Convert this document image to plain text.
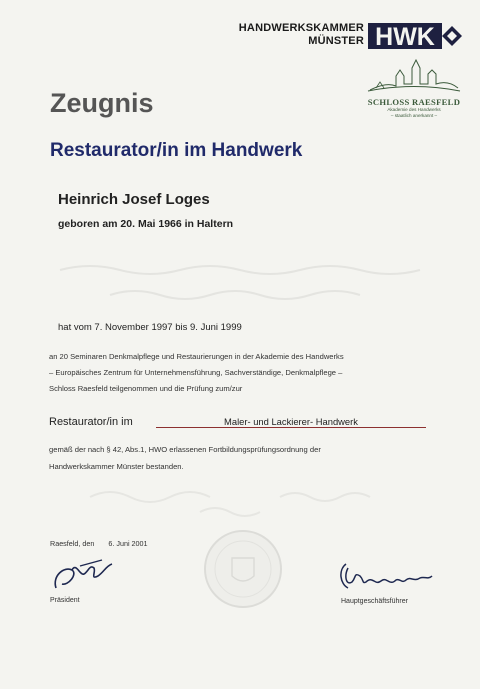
HANDWERKSKAMMER
MÜNSTER HWK
SCHLOSS RAESFELD
Akademie des Handwerks
– staatlich anerkannt –
Zeugnis
Restaurator/in im Handwerk
Heinrich Josef Loges
geboren am 20. Mai 1966 in Haltern
hat vom 7. November 1997 bis 9. Juni 1999
an 20 Seminaren Denkmalpflege und Restaurierungen in der Akademie des Handwerks
– Europäisches Zentrum für Unternehmensführung, Sachverständige, Denkmalpflege –
Schloss Raesfeld teilgenommen und die Prüfung zum/zur
Restaurator/in im	Maler- und Lackierer- Handwerk
gemäß der nach § 42, Abs.1, HWO erlassenen Fortbildungsprüfungsordnung der
Handwerkskammer Münster bestanden.
Raesfeld, den 6. Juni 2001
Präsident	Hauptgeschäftsführer
